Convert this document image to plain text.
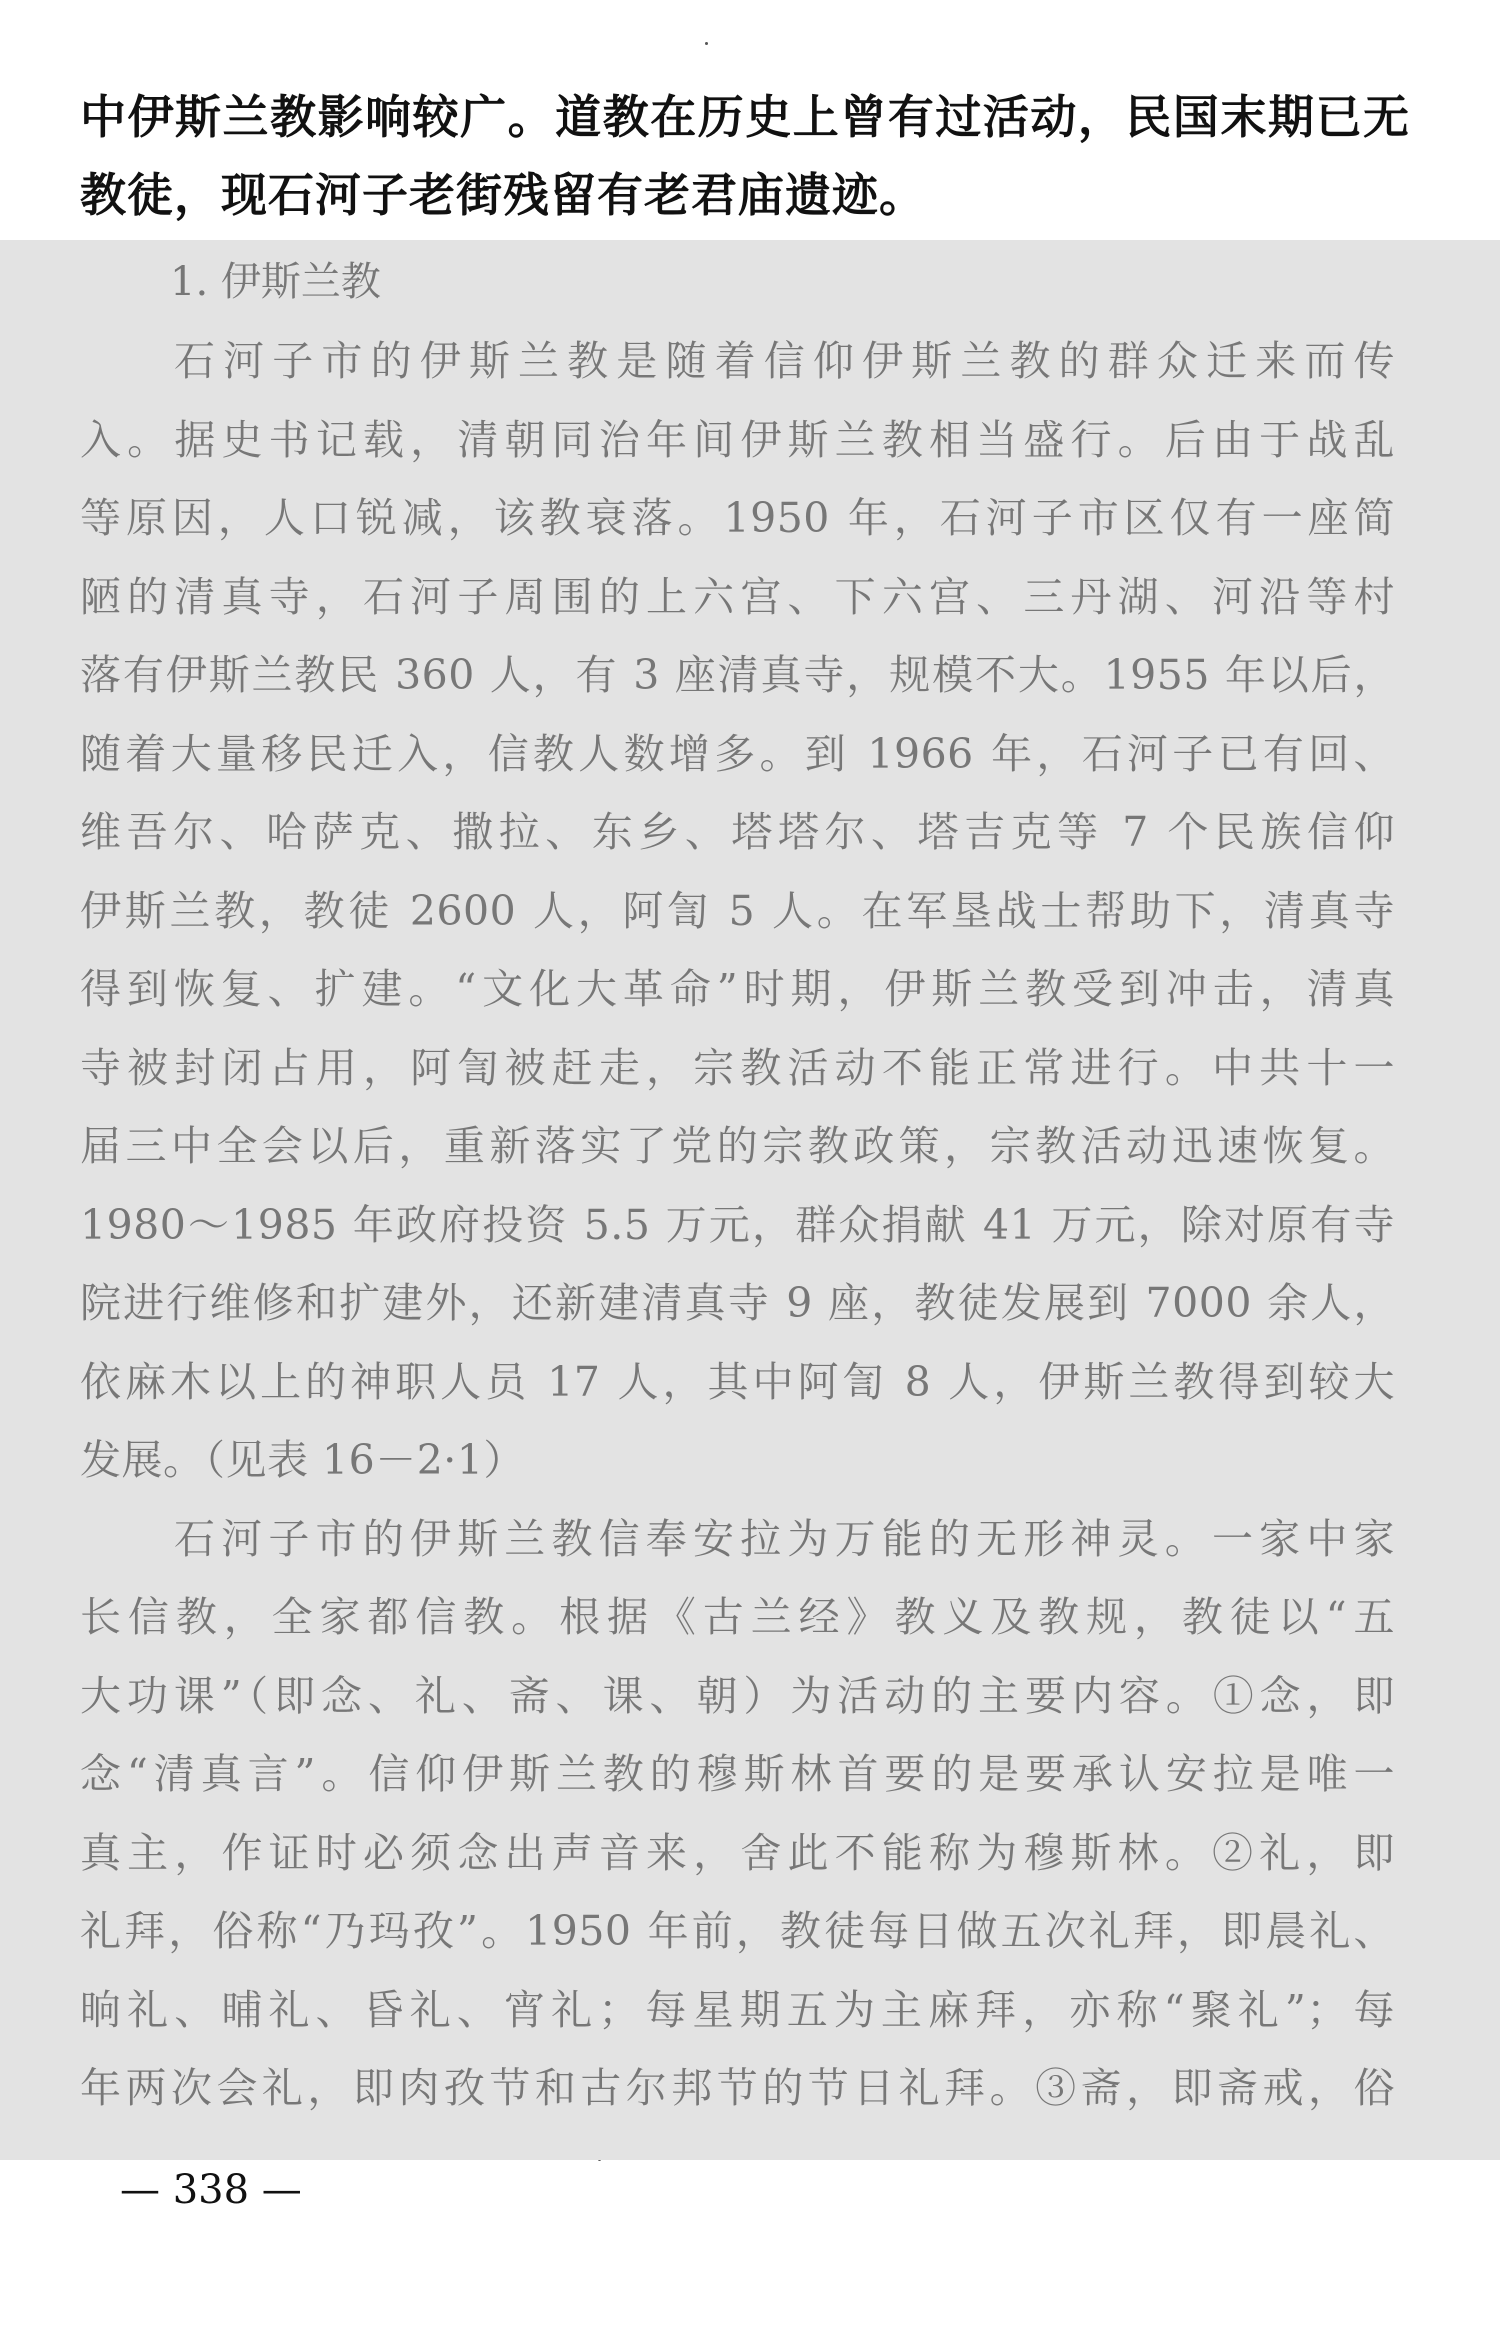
中伊斯兰教影响较广。道教在历史上曾有过活动，民国末期已无
教徒，现石河子老街残留有老君庙遗迹。
1. 伊斯兰教
石河子市的伊斯兰教是随着信仰伊斯兰教的群众迁来而传
入。据史书记载，清朝同治年间伊斯兰教相当盛行。后由于战乱
等原因，人口锐减，该教衰落。1950 年，石河子市区仅有一座简
陋的清真寺，石河子周围的上六宫、下六宫、三丹湖、河沿等村
落有伊斯兰教民 360 人，有 3 座清真寺，规模不大。1955 年以后，
随着大量移民迁入，信教人数增多。到 1966 年，石河子已有回、
维吾尔、哈萨克、撒拉、东乡、塔塔尔、塔吉克等 7 个民族信仰
伊斯兰教，教徒 2600 人，阿訇 5 人。在军垦战士帮助下，清真寺
得到恢复、扩建。“文化大革命”时期，伊斯兰教受到冲击，清真
寺被封闭占用，阿訇被赶走，宗教活动不能正常进行。中共十一
届三中全会以后，重新落实了党的宗教政策，宗教活动迅速恢复。
1980～1985 年政府投资 5.5 万元，群众捐献 41 万元，除对原有寺
院进行维修和扩建外，还新建清真寺 9 座，教徒发展到 7000 余人，
依麻木以上的神职人员 17 人，其中阿訇 8 人，伊斯兰教得到较大
发展。（见表 16－2·1）
石河子市的伊斯兰教信奉安拉为万能的无形神灵。一家中家
长信教，全家都信教。根据《古兰经》教义及教规，教徒以“五
大功课”（即念、礼、斋、课、朝）为活动的主要内容。①念，即
念“清真言”。信仰伊斯兰教的穆斯林首要的是要承认安拉是唯一
真主，作证时必须念出声音来，舍此不能称为穆斯林。②礼，即
礼拜，俗称“乃玛孜”。1950 年前，教徒每日做五次礼拜，即晨礼、
晌礼、晡礼、昏礼、宵礼；每星期五为主麻拜，亦称“聚礼”；每
年两次会礼，即肉孜节和古尔邦节的节日礼拜。③斋，即斋戒，俗
— 338 —
